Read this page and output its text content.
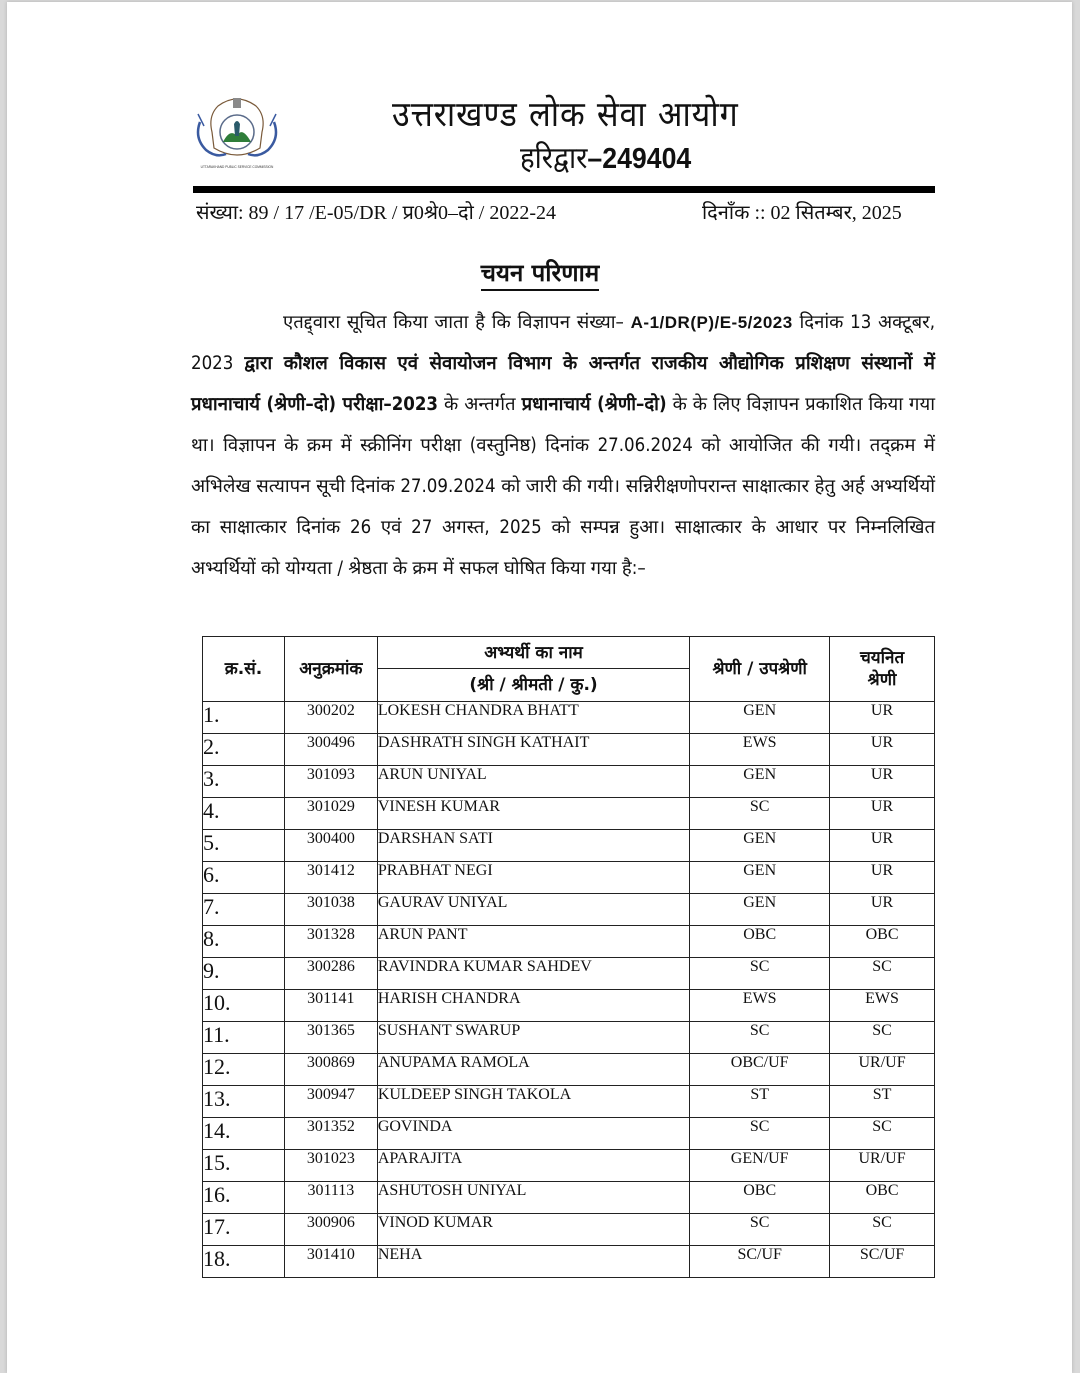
UTTARAKHAND PUBLIC SERVICE COMMISSION
उत्तराखण्ड लोक सेवा आयोग
हरिद्वार–249404
संख्या: 89 / 17 /E-05/DR / प्र0श्रे0–दो / 2022-24	दिनाँक :: 02 सितम्बर, 2025
चयन परिणाम
एतद्द्वारा सूचित किया जाता है कि विज्ञापन संख्या– A-1/DR(P)/E-5/2023 दिनांक 13 अक्टूबर, 2023 द्वारा कौशल विकास एवं सेवायोजन विभाग के अन्तर्गत राजकीय औद्योगिक प्रशिक्षण संस्थानों में प्रधानाचार्य (श्रेणी–दो) परीक्षा–2023 के अन्तर्गत प्रधानाचार्य (श्रेणी–दो) के के लिए विज्ञापन प्रकाशित किया गया था। विज्ञापन के क्रम में स्क्रीनिंग परीक्षा (वस्तुनिष्ठ) दिनांक 27.06.2024 को आयोजित की गयी। तद्क्रम में अभिलेख सत्यापन सूची दिनांक 27.09.2024 को जारी की गयी। सन्निरीक्षणोपरान्त साक्षात्कार हेतु अर्ह अभ्यर्थियों का साक्षात्कार दिनांक 26 एवं 27 अगस्त, 2025 को सम्पन्न हुआ। साक्षात्कार के आधार पर निम्नलिखित अभ्यर्थियों को योग्यता / श्रेष्ठता के क्रम में सफल घोषित किया गया है:–
क्र.सं.	अनुक्रमांक	अभ्यर्थी का नाम	श्रेणी / उपश्रेणी	चयनित
श्रेणी
		(श्री / श्रीमती / कु.)		
1.	300202	LOKESH CHANDRA BHATT	GEN	UR
2.	300496	DASHRATH SINGH KATHAIT	EWS	UR
3.	301093	ARUN UNIYAL	GEN	UR
4.	301029	VINESH KUMAR	SC	UR
5.	300400	DARSHAN SATI	GEN	UR
6.	301412	PRABHAT NEGI	GEN	UR
7.	301038	GAURAV UNIYAL	GEN	UR
8.	301328	ARUN PANT	OBC	OBC
9.	300286	RAVINDRA KUMAR SAHDEV	SC	SC
10.	301141	HARISH CHANDRA	EWS	EWS
11.	301365	SUSHANT SWARUP	SC	SC
12.	300869	ANUPAMA RAMOLA	OBC/UF	UR/UF
13.	300947	KULDEEP SINGH TAKOLA	ST	ST
14.	301352	GOVINDA	SC	SC
15.	301023	APARAJITA	GEN/UF	UR/UF
16.	301113	ASHUTOSH UNIYAL	OBC	OBC
17.	300906	VINOD KUMAR	SC	SC
18.	301410	NEHA	SC/UF	SC/UF
